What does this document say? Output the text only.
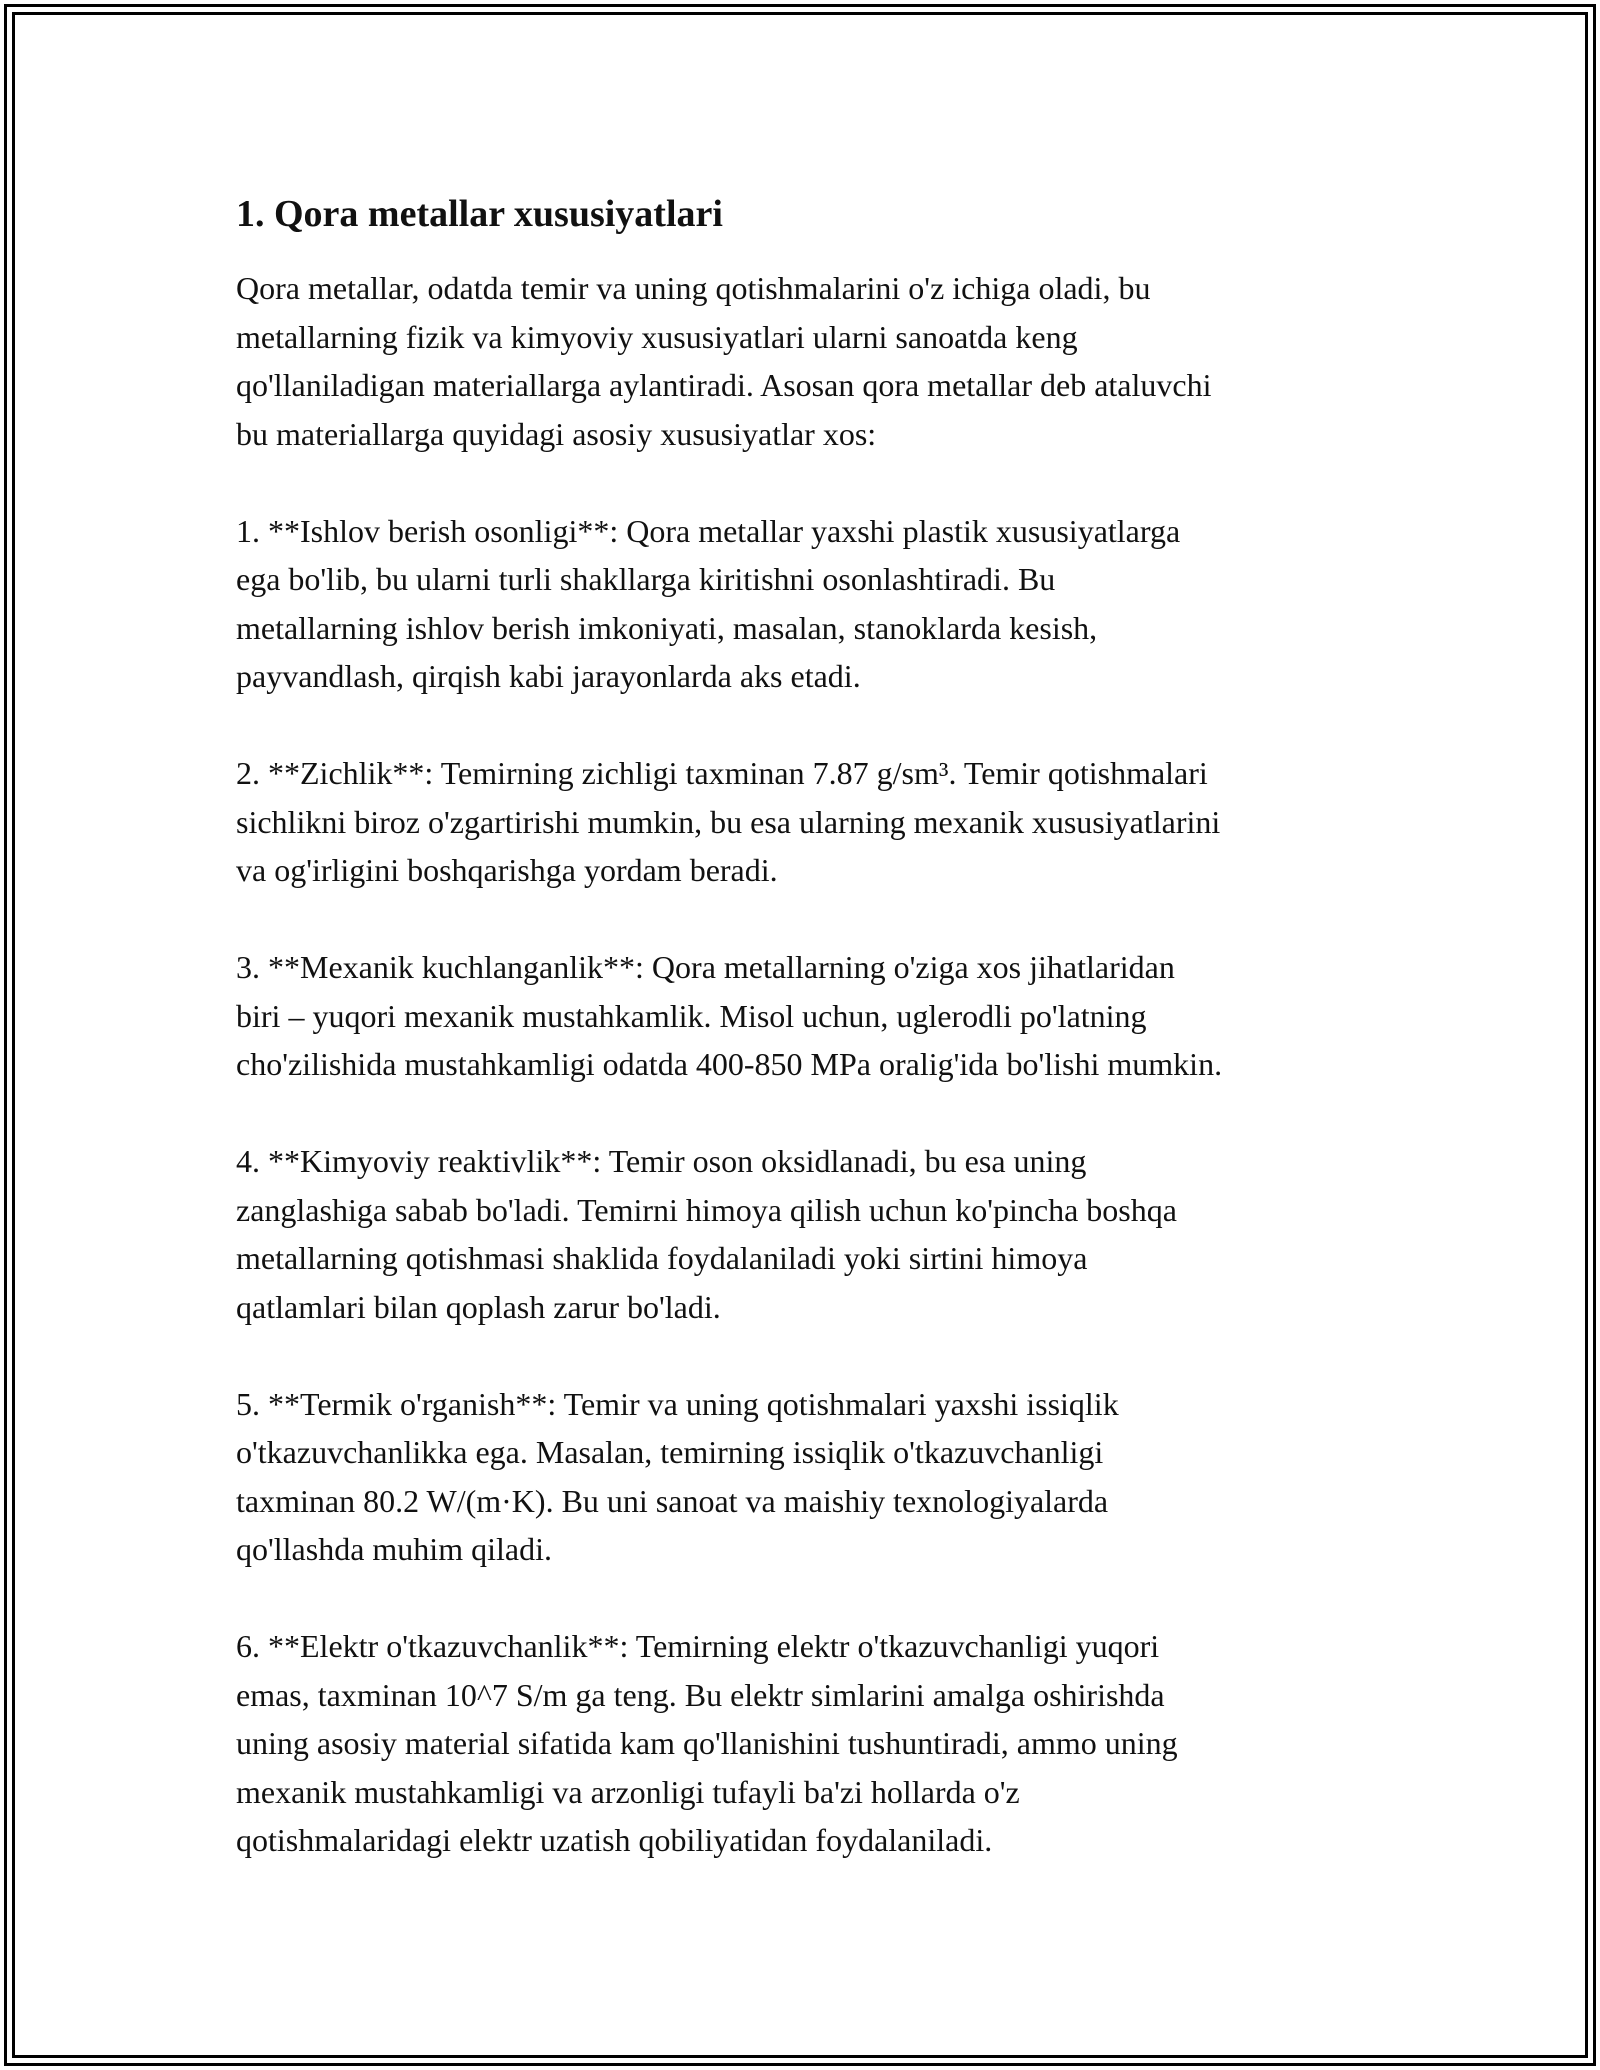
1. Qora metallar xususiyatlari
Qora metallar, odatda temir va uning qotishmalarini o'z ichiga oladi, bu
metallarning fizik va kimyoviy xususiyatlari ularni sanoatda keng
qo'llaniladigan materiallarga aylantiradi. Asosan qora metallar deb ataluvchi
bu materiallarga quyidagi asosiy xususiyatlar xos:
1. **Ishlov berish osonligi**: Qora metallar yaxshi plastik xususiyatlarga
ega bo'lib, bu ularni turli shakllarga kiritishni osonlashtiradi. Bu
metallarning ishlov berish imkoniyati, masalan, stanoklarda kesish,
payvandlash, qirqish kabi jarayonlarda aks etadi.
2. **Zichlik**: Temirning zichligi taxminan 7.87 g/sm³. Temir qotishmalari
sichlikni biroz o'zgartirishi mumkin, bu esa ularning mexanik xususiyatlarini
va og'irligini boshqarishga yordam beradi.
3. **Mexanik kuchlanganlik**: Qora metallarning o'ziga xos jihatlaridan
biri – yuqori mexanik mustahkamlik. Misol uchun, uglerodli po'latning
cho'zilishida mustahkamligi odatda 400-850 MPa oralig'ida bo'lishi mumkin.
4. **Kimyoviy reaktivlik**: Temir oson oksidlanadi, bu esa uning
zanglashiga sabab bo'ladi. Temirni himoya qilish uchun ko'pincha boshqa
metallarning qotishmasi shaklida foydalaniladi yoki sirtini himoya
qatlamlari bilan qoplash zarur bo'ladi.
5. **Termik o'rganish**: Temir va uning qotishmalari yaxshi issiqlik
o'tkazuvchanlikka ega. Masalan, temirning issiqlik o'tkazuvchanligi
taxminan 80.2 W/(m·K). Bu uni sanoat va maishiy texnologiyalarda
qo'llashda muhim qiladi.
6. **Elektr o'tkazuvchanlik**: Temirning elektr o'tkazuvchanligi yuqori
emas, taxminan 10^7 S/m ga teng. Bu elektr simlarini amalga oshirishda
uning asosiy material sifatida kam qo'llanishini tushuntiradi, ammo uning
mexanik mustahkamligi va arzonligi tufayli ba'zi hollarda o'z
qotishmalaridagi elektr uzatish qobiliyatidan foydalaniladi.
